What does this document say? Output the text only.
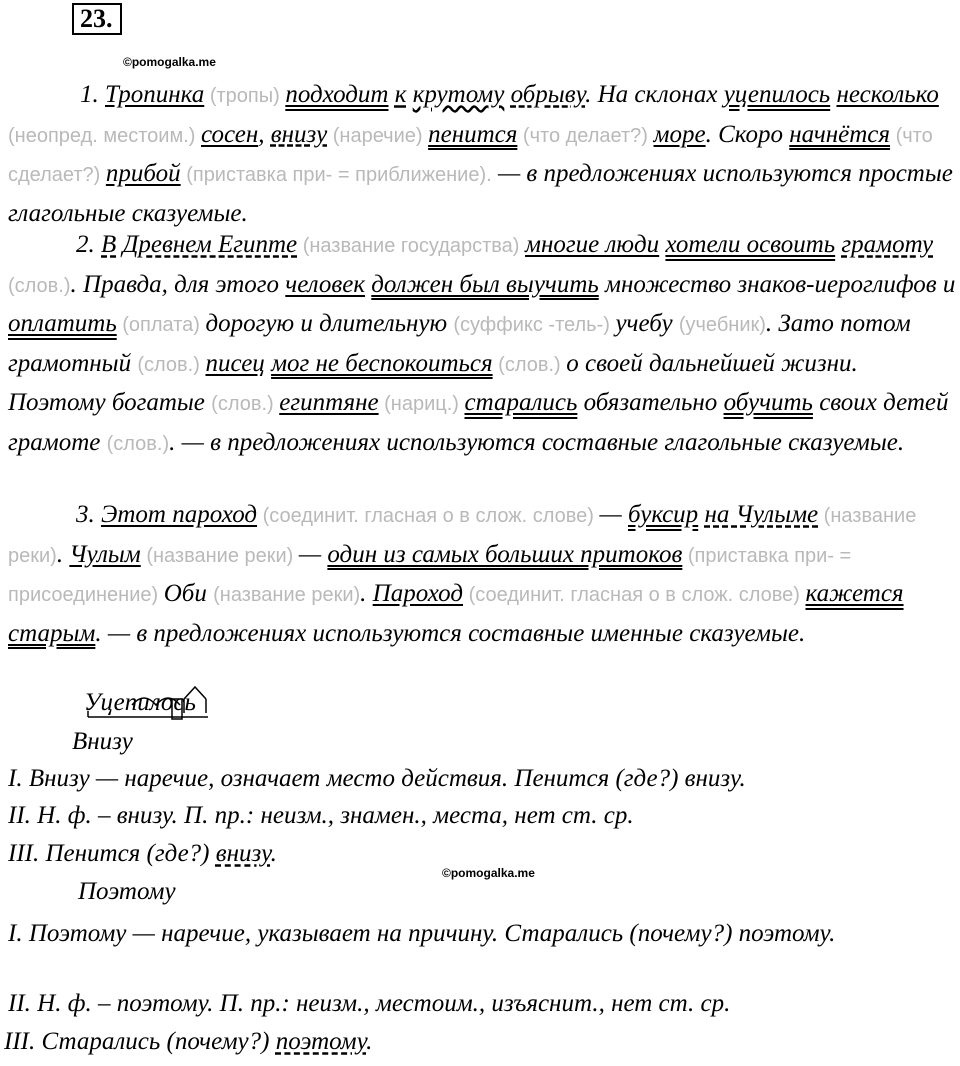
23.
©pomogalka.me

1. Тропинка (тропы) подходит к крутому обрыву. На склонах уцепилось несколько (неопред. местоим.) сосен, внизу (наречие) пенится (что делает?) море. Скоро начнётся (что сделает?) прибой (приставка при- = приближение). — в предложениях используются простые глагольные сказуемые.

2. В Древнем Египте (название государства) многие люди хотели освоить грамоту (слов.). Правда, для этого человек должен был выучить множество знаков-иероглифов и оплатить (оплата) дорогую и длительную (суффикс -тель-) учебу (учебник). Зато потом грамотный (слов.) писец мог не беспокоиться (слов.) о своей дальнейшей жизни. Поэтому богатые (слов.) египтяне (нариц.) старались обязательно обучить своих детей грамоте (слов.). — в предложениях используются составные глагольные сказуемые.

3. Этот пароход (соединит. гласная о в слож. слове) — буксир на Чулыме (название реки). Чулым (название реки) — один из самых больших притоков (приставка при- = присоединение) Оби (название реки). Пароход (соединит. гласная о в слож. слове) кажется старым. — в предложениях используются составные именные сказуемые.

Уцепилось
Внизу
I. Внизу — наречие, означает место действия. Пенится (где?) внизу.
II. Н. ф. – внизу. П. пр.: неизм., знамен., места, нет ст. ср.
III. Пенится (где?) внизу.
©pomogalka.me
Поэтому

I. Поэтому — наречие, указывает на причину. Старались (почему?) поэтому.

II. Н. ф. – поэтому. П. пр.: неизм., местоим., изъяснит., нет ст. ср.
III. Старались (почему?) поэтому.
